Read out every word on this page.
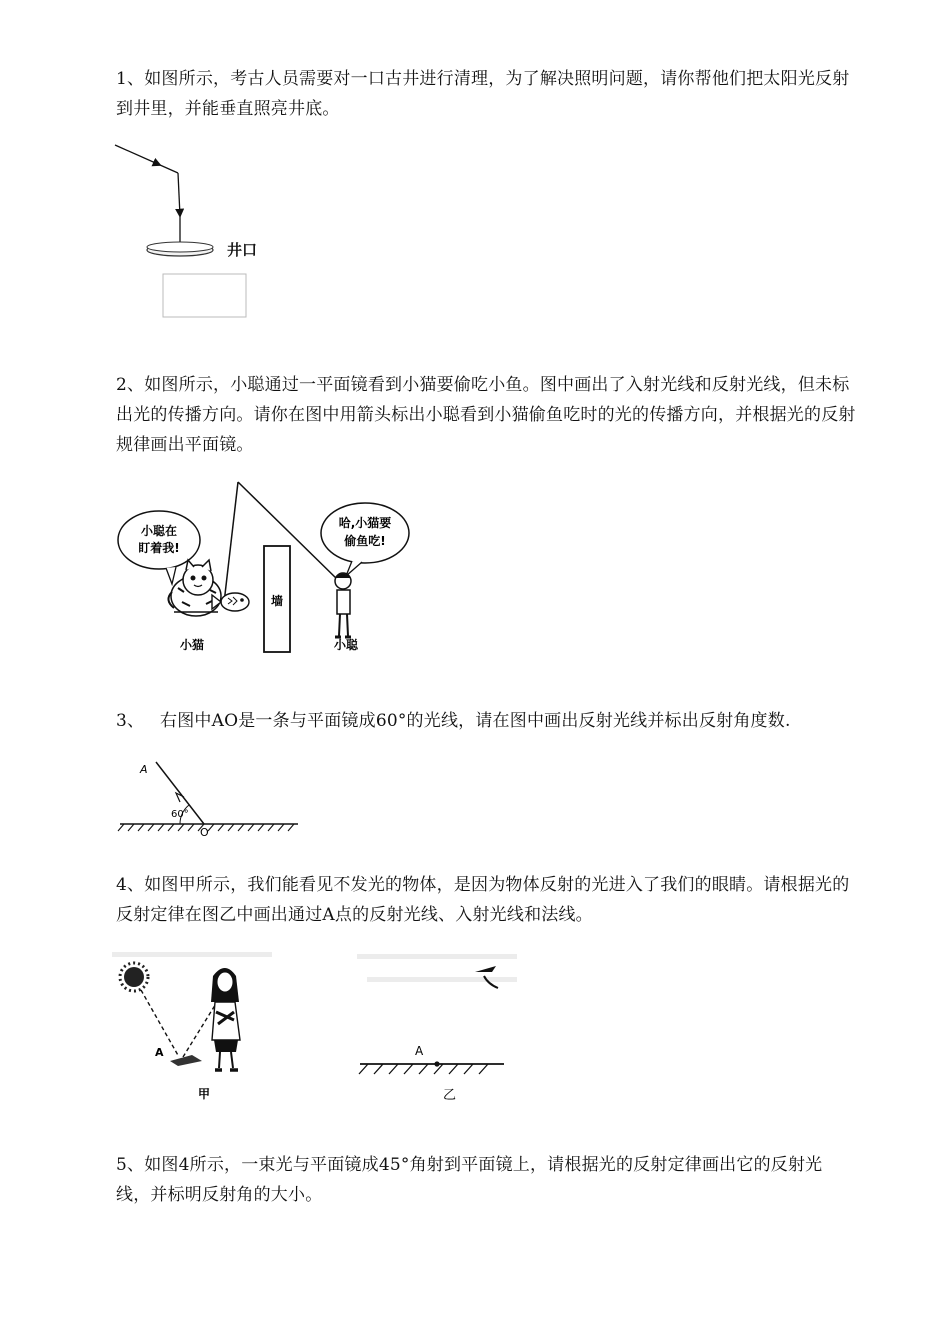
1、如图所示，考古人员需要对一口古井进行清理，为了解决照明问题，请你帮他们把太阳光反射到井里，并能垂直照亮井底。
井口
2、如图所示，小聪通过一平面镜看到小猫要偷吃小鱼。图中画出了入射光线和反射光线，但未标出光的传播方向。请你在图中用箭头标出小聪看到小猫偷鱼吃时的光的传播方向，并根据光的反射规律画出平面镜。
小聪在
盯着我!
哈,小猫要
偷鱼吃!
墙
小猫	小聪
3、 右图中AO是一条与平面镜成60°的光线，请在图中画出反射光线并标出反射角度数.
A
60°
O
4、如图甲所示，我们能看见不发光的物体，是因为物体反射的光进入了我们的眼睛。请根据光的反射定律在图乙中画出通过A点的反射光线、入射光线和法线。
A
甲
A
乙
5、如图4所示，一束光与平面镜成45°角射到平面镜上，请根据光的反射定律画出它的反射光线，并标明反射角的大小。
